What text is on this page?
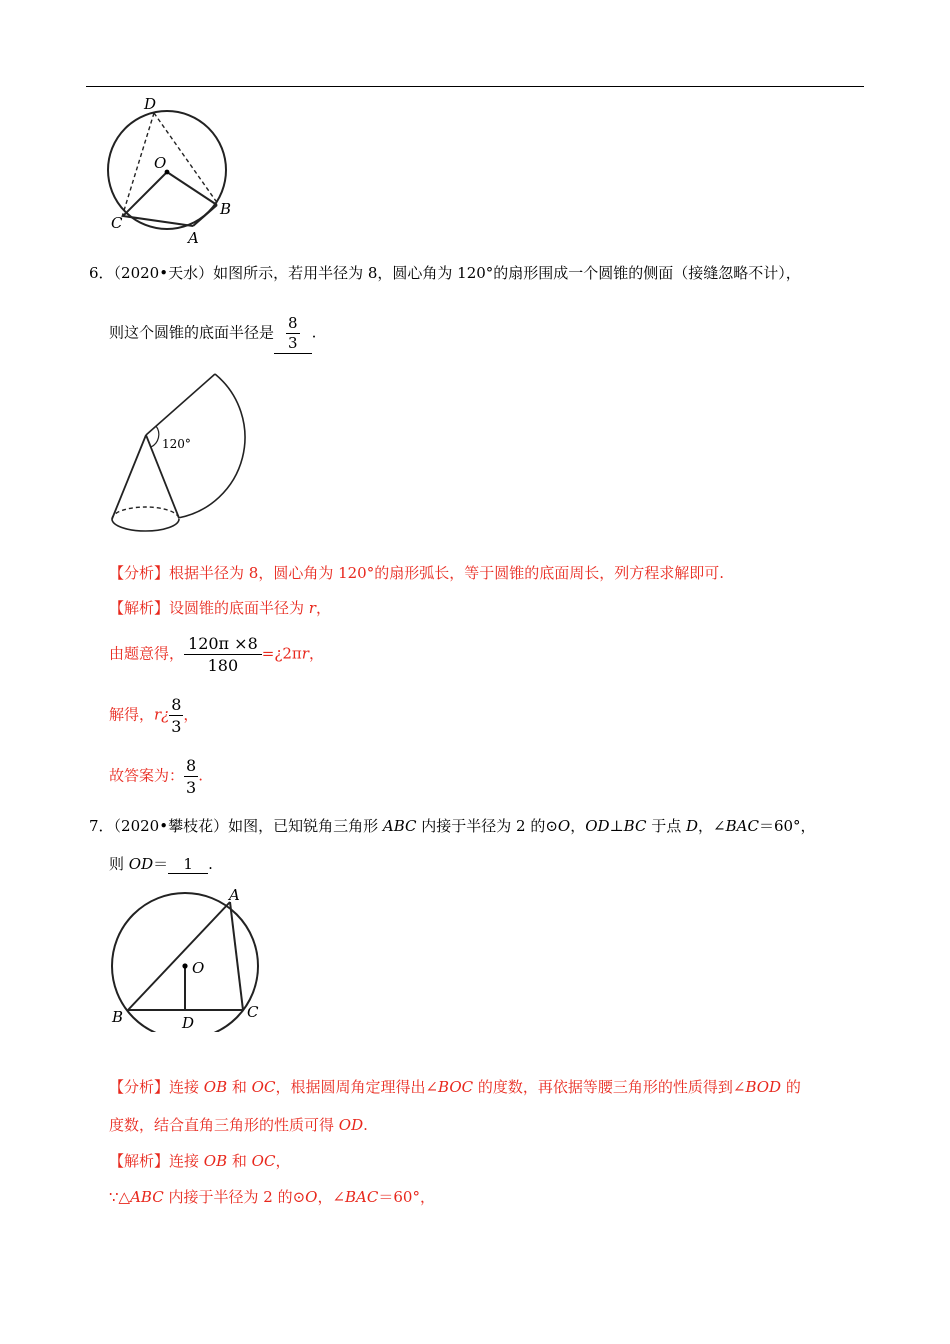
D
O
C
B
A
6．（2020•天水）如图所示，若用半径为 8，圆心角为 120°的扇形围成一个圆锥的侧面（接缝忽略不计），
则这个圆锥的底面半径是 $\frac{8}{3}$ .
120°
【分析】根据半径为 8，圆心角为 120°的扇形弧长，等于圆锥的底面周长，列方程求解即可.
【解析】设圆锥的底面半径为 r，
由题意得， $\frac{120\pi \times 8}{180}$ =¿2πr，
解得，r¿ $\frac{8}{3}$ ，
故答案为： $\frac{8}{3}$ .
7．（2020•攀枝花）如图，已知锐角三角形 ABC 内接于半径为 2 的⊙O，OD⊥BC 于点 D，∠BAC＝60°，
则 OD＝ 1 .
A
O
B	D
C
【分析】连接 OB 和 OC，根据圆周角定理得出∠BOC 的度数，再依据等腰三角形的性质得到∠BOD 的
度数，结合直角三角形的性质可得 OD.
【解析】连接 OB 和 OC，
∵△ABC 内接于半径为 2 的⊙O，∠BAC＝60°，
